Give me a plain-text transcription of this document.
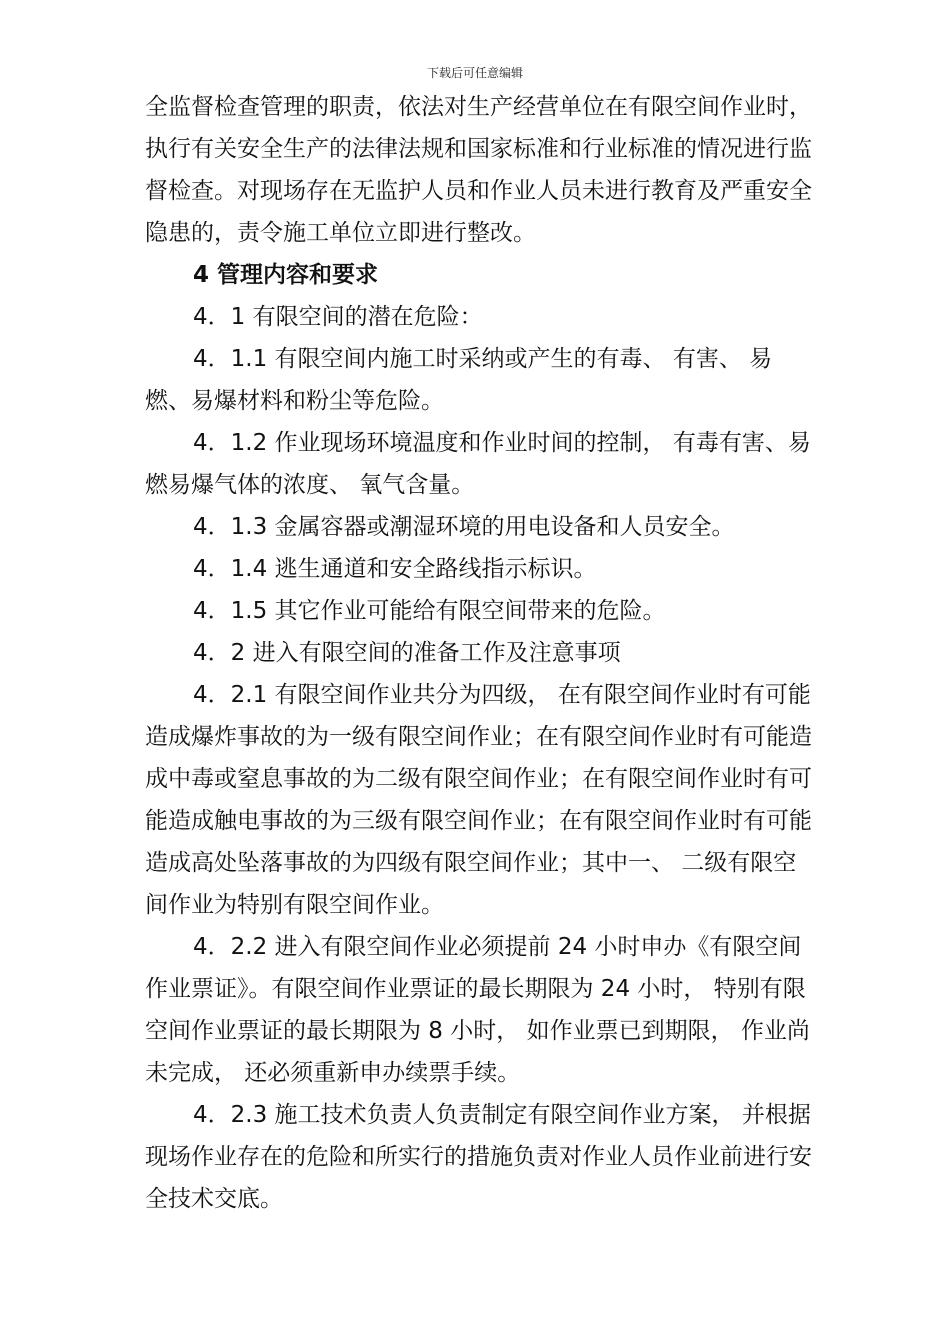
下载后可任意编辑

全监督检查管理的职责，依法对生产经营单位在有限空间作业时，执行有关安全生产的法律法规和国家标准和行业标准的情况进行监督检查。对现场存在无监护人员和作业人员未进行教育及严重安全隐患的，责令施工单位立即进行整改。

4 管理内容和要求

4．1 有限空间的潜在危险：

4．1.1 有限空间内施工时采纳或产生的有毒、 有害、 易燃、易爆材料和粉尘等危险。

4．1.2 作业现场环境温度和作业时间的控制， 有毒有害、易燃易爆气体的浓度、 氧气含量。

4．1.3 金属容器或潮湿环境的用电设备和人员安全。

4．1.4 逃生通道和安全路线指示标识。

4．1.5 其它作业可能给有限空间带来的危险。

4．2 进入有限空间的准备工作及注意事项

4．2.1 有限空间作业共分为四级， 在有限空间作业时有可能造成爆炸事故的为一级有限空间作业；在有限空间作业时有可能造成中毒或窒息事故的为二级有限空间作业；在有限空间作业时有可能造成触电事故的为三级有限空间作业；在有限空间作业时有可能造成高处坠落事故的为四级有限空间作业；其中一、 二级有限空间作业为特别有限空间作业。

4．2.2 进入有限空间作业必须提前 24 小时申办《有限空间作业票证》。有限空间作业票证的最长期限为 24 小时， 特别有限空间作业票证的最长期限为 8 小时， 如作业票已到期限， 作业尚未完成， 还必须重新申办续票手续。

4．2.3 施工技术负责人负责制定有限空间作业方案， 并根据现场作业存在的危险和所实行的措施负责对作业人员作业前进行安全技术交底。
